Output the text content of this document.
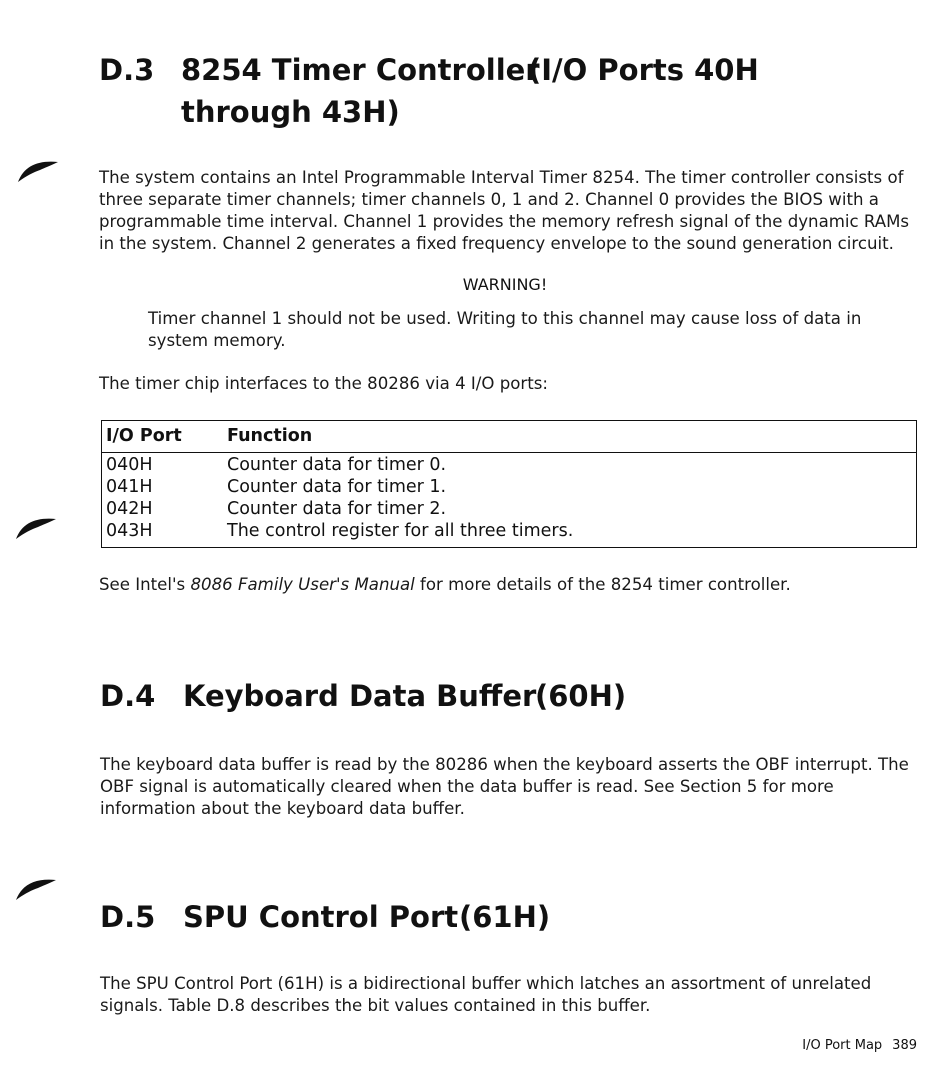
D.3 8254 Timer Controller
(I/O Ports 40H
through 43H)
The system contains an Intel Programmable Interval Timer 8254. The timer controller consists of
three separate timer channels; timer channels 0, 1 and 2. Channel 0 provides the BIOS with a
programmable time interval. Channel 1 provides the memory refresh signal of the dynamic RAMs
in the system. Channel 2 generates a fixed frequency envelope to the sound generation circuit.
WARNING!
Timer channel 1 should not be used. Writing to this channel may cause loss of data in
system memory.
The timer chip interfaces to the 80286 via 4 I/O ports:
I/O Port	Function
040H	Counter data for timer 0.
041H	Counter data for timer 1.
042H	Counter data for timer 2.
043H	The control register for all three timers.
See Intel's 8086 Family User's Manual for more details of the 8254 timer controller.
D.4 Keyboard Data Buffer
(60H)
The keyboard data buffer is read by the 80286 when the keyboard asserts the OBF interrupt. The
OBF signal is automatically cleared when the data buffer is read. See Section 5 for more
information about the keyboard data buffer.
D.5 SPU Control Port (61H)
The SPU Control Port (61H) is a bidirectional buffer which latches an assortment of unrelated
signals. Table D.8 describes the bit values contained in this buffer.
I/O Port Map 389
